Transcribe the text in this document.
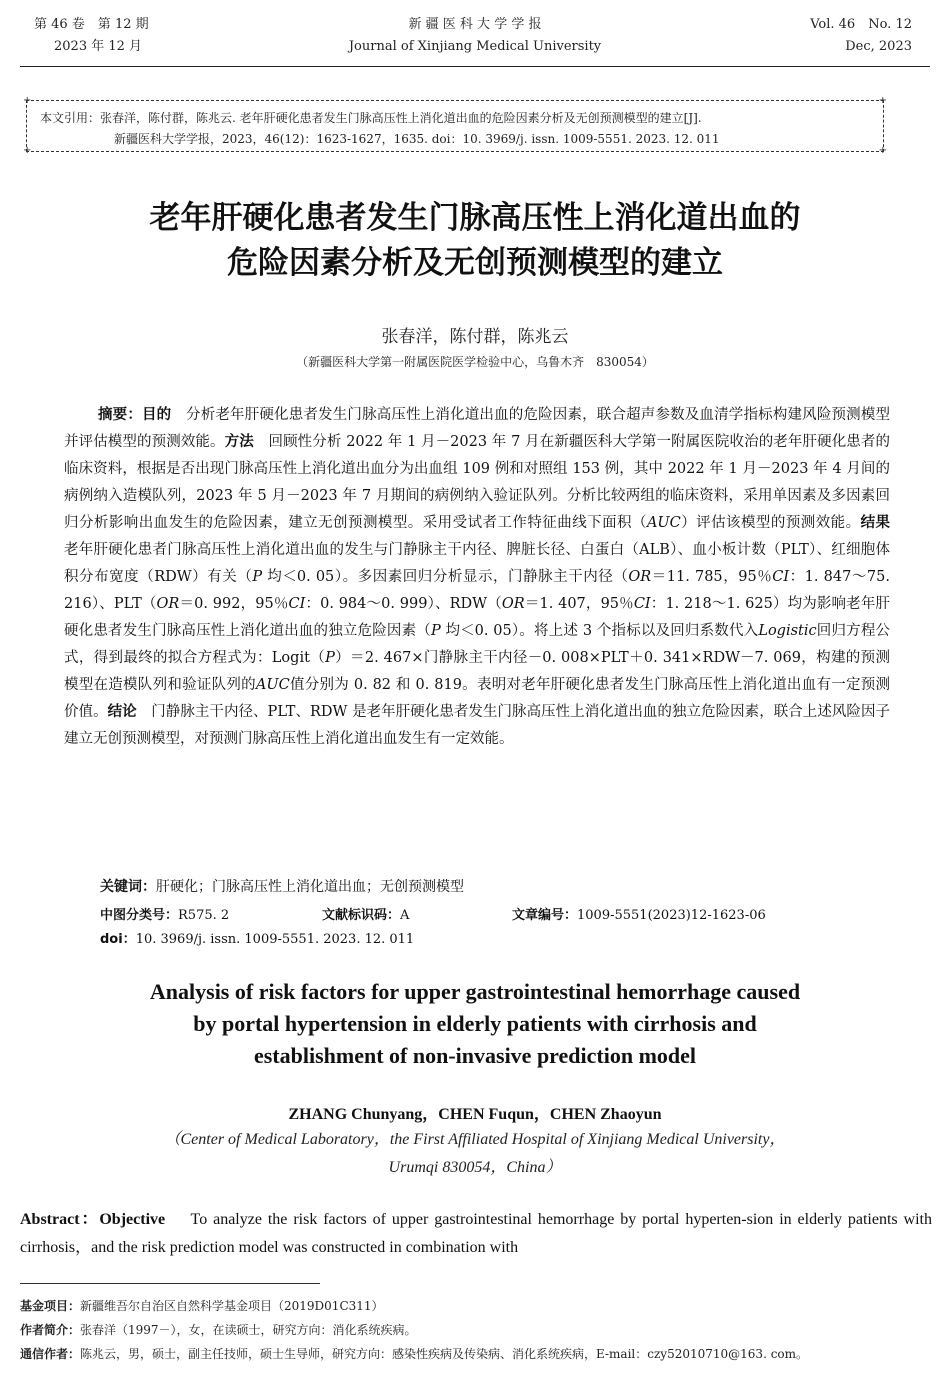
第 46 卷　第 12 期
2023 年 12 月
新 疆 医 科 大 学 学 报
Journal of Xinjiang Medical University
Vol. 46　No. 12
Dec, 2023
+	+
+	+
本文引用：张春洋，陈付群，陈兆云. 老年肝硬化患者发生门脉高压性上消化道出血的危险因素分析及无创预测模型的建立[J].
新疆医科大学学报，2023，46(12)：1623-1627，1635. doi：10. 3969/j. issn. 1009-5551. 2023. 12. 011
老年肝硬化患者发生门脉高压性上消化道出血的
危险因素分析及无创预测模型的建立
张春洋，陈付群，陈兆云
（新疆医科大学第一附属医院医学检验中心，乌鲁木齐　830054）
摘要：目的　 分析老年肝硬化患者发生门脉高压性上消化道出血的危险因素，联合超声参数及血清学指标构建风险预测模型并评估模型的预测效能。方法　 回顾性分析 2022 年 1 月－2023 年 7 月在新疆医科大学第一附属医院收治的老年肝硬化患者的临床资料，根据是否出现门脉高压性上消化道出血分为出血组 109 例和对照组 153 例，其中 2022 年 1 月－2023 年 4 月间的病例纳入造模队列，2023 年 5 月－2023 年 7 月期间的病例纳入验证队列。分析比较两组的临床资料，采用单因素及多因素回归分析影响出血发生的危险因素，建立无创预测模型。采用受试者工作特征曲线下面积（AUC）评估该模型的预测效能。结果　老年肝硬化患者门脉高压性上消化道出血的发生与门静脉主干内径、脾脏长径、白蛋白（ALB）、血小板计数（PLT）、红细胞体积分布宽度（RDW）有关（P 均＜0. 05）。多因素回归分析显示，门静脉主干内径（OR＝11. 785，95％CI：1. 847～75. 216）、PLT（OR＝0. 992，95％CI：0. 984～0. 999）、RDW（OR＝1. 407，95％CI：1. 218～1. 625）均为影响老年肝硬化患者发生门脉高压性上消化道出血的独立危险因素（P 均＜0. 05）。将上述 3 个指标以及回归系数代入Logistic回归方程公式，得到最终的拟合方程式为：Logit（P）＝2. 467×门静脉主干内径－0. 008×PLT＋0. 341×RDW－7. 069，构建的预测模型在造模队列和验证队列的AUC值分别为 0. 82 和 0. 819。表明对老年肝硬化患者发生门脉高压性上消化道出血有一定预测价值。结论　 门静脉主干内径、PLT、RDW 是老年肝硬化患者发生门脉高压性上消化道出血的独立危险因素，联合上述风险因子建立无创预测模型，对预测门脉高压性上消化道出血发生有一定效能。
关键词：肝硬化；门脉高压性上消化道出血；无创预测模型
中图分类号：R575. 2	文献标识码：A	文章编号：1009-5551(2023)12-1623-06
doi：10. 3969/j. issn. 1009-5551. 2023. 12. 011
Analysis of risk factors for upper gastrointestinal hemorrhage caused
by portal hypertension in elderly patients with cirrhosis and
establishment of non-invasive prediction model
ZHANG Chunyang，CHEN Fuqun，CHEN Zhaoyun
（Center of Medical Laboratory，the First Affiliated Hospital of Xinjiang Medical University，
Urumqi 830054，China）
Abstract：Objective　 To analyze the risk factors of upper gastrointestinal hemorrhage by portal hyperten-sion in elderly patients with cirrhosis，and the risk prediction model was constructed in combination with
基金项目：新疆维吾尔自治区自然科学基金项目（2019D01C311）
作者简介：张春洋（1997－），女，在读硕士，研究方向：消化系统疾病。
通信作者：陈兆云，男，硕士，副主任技师，硕士生导师，研究方向：感染性疾病及传染病、消化系统疾病，E-mail：czy52010710@163. com。
